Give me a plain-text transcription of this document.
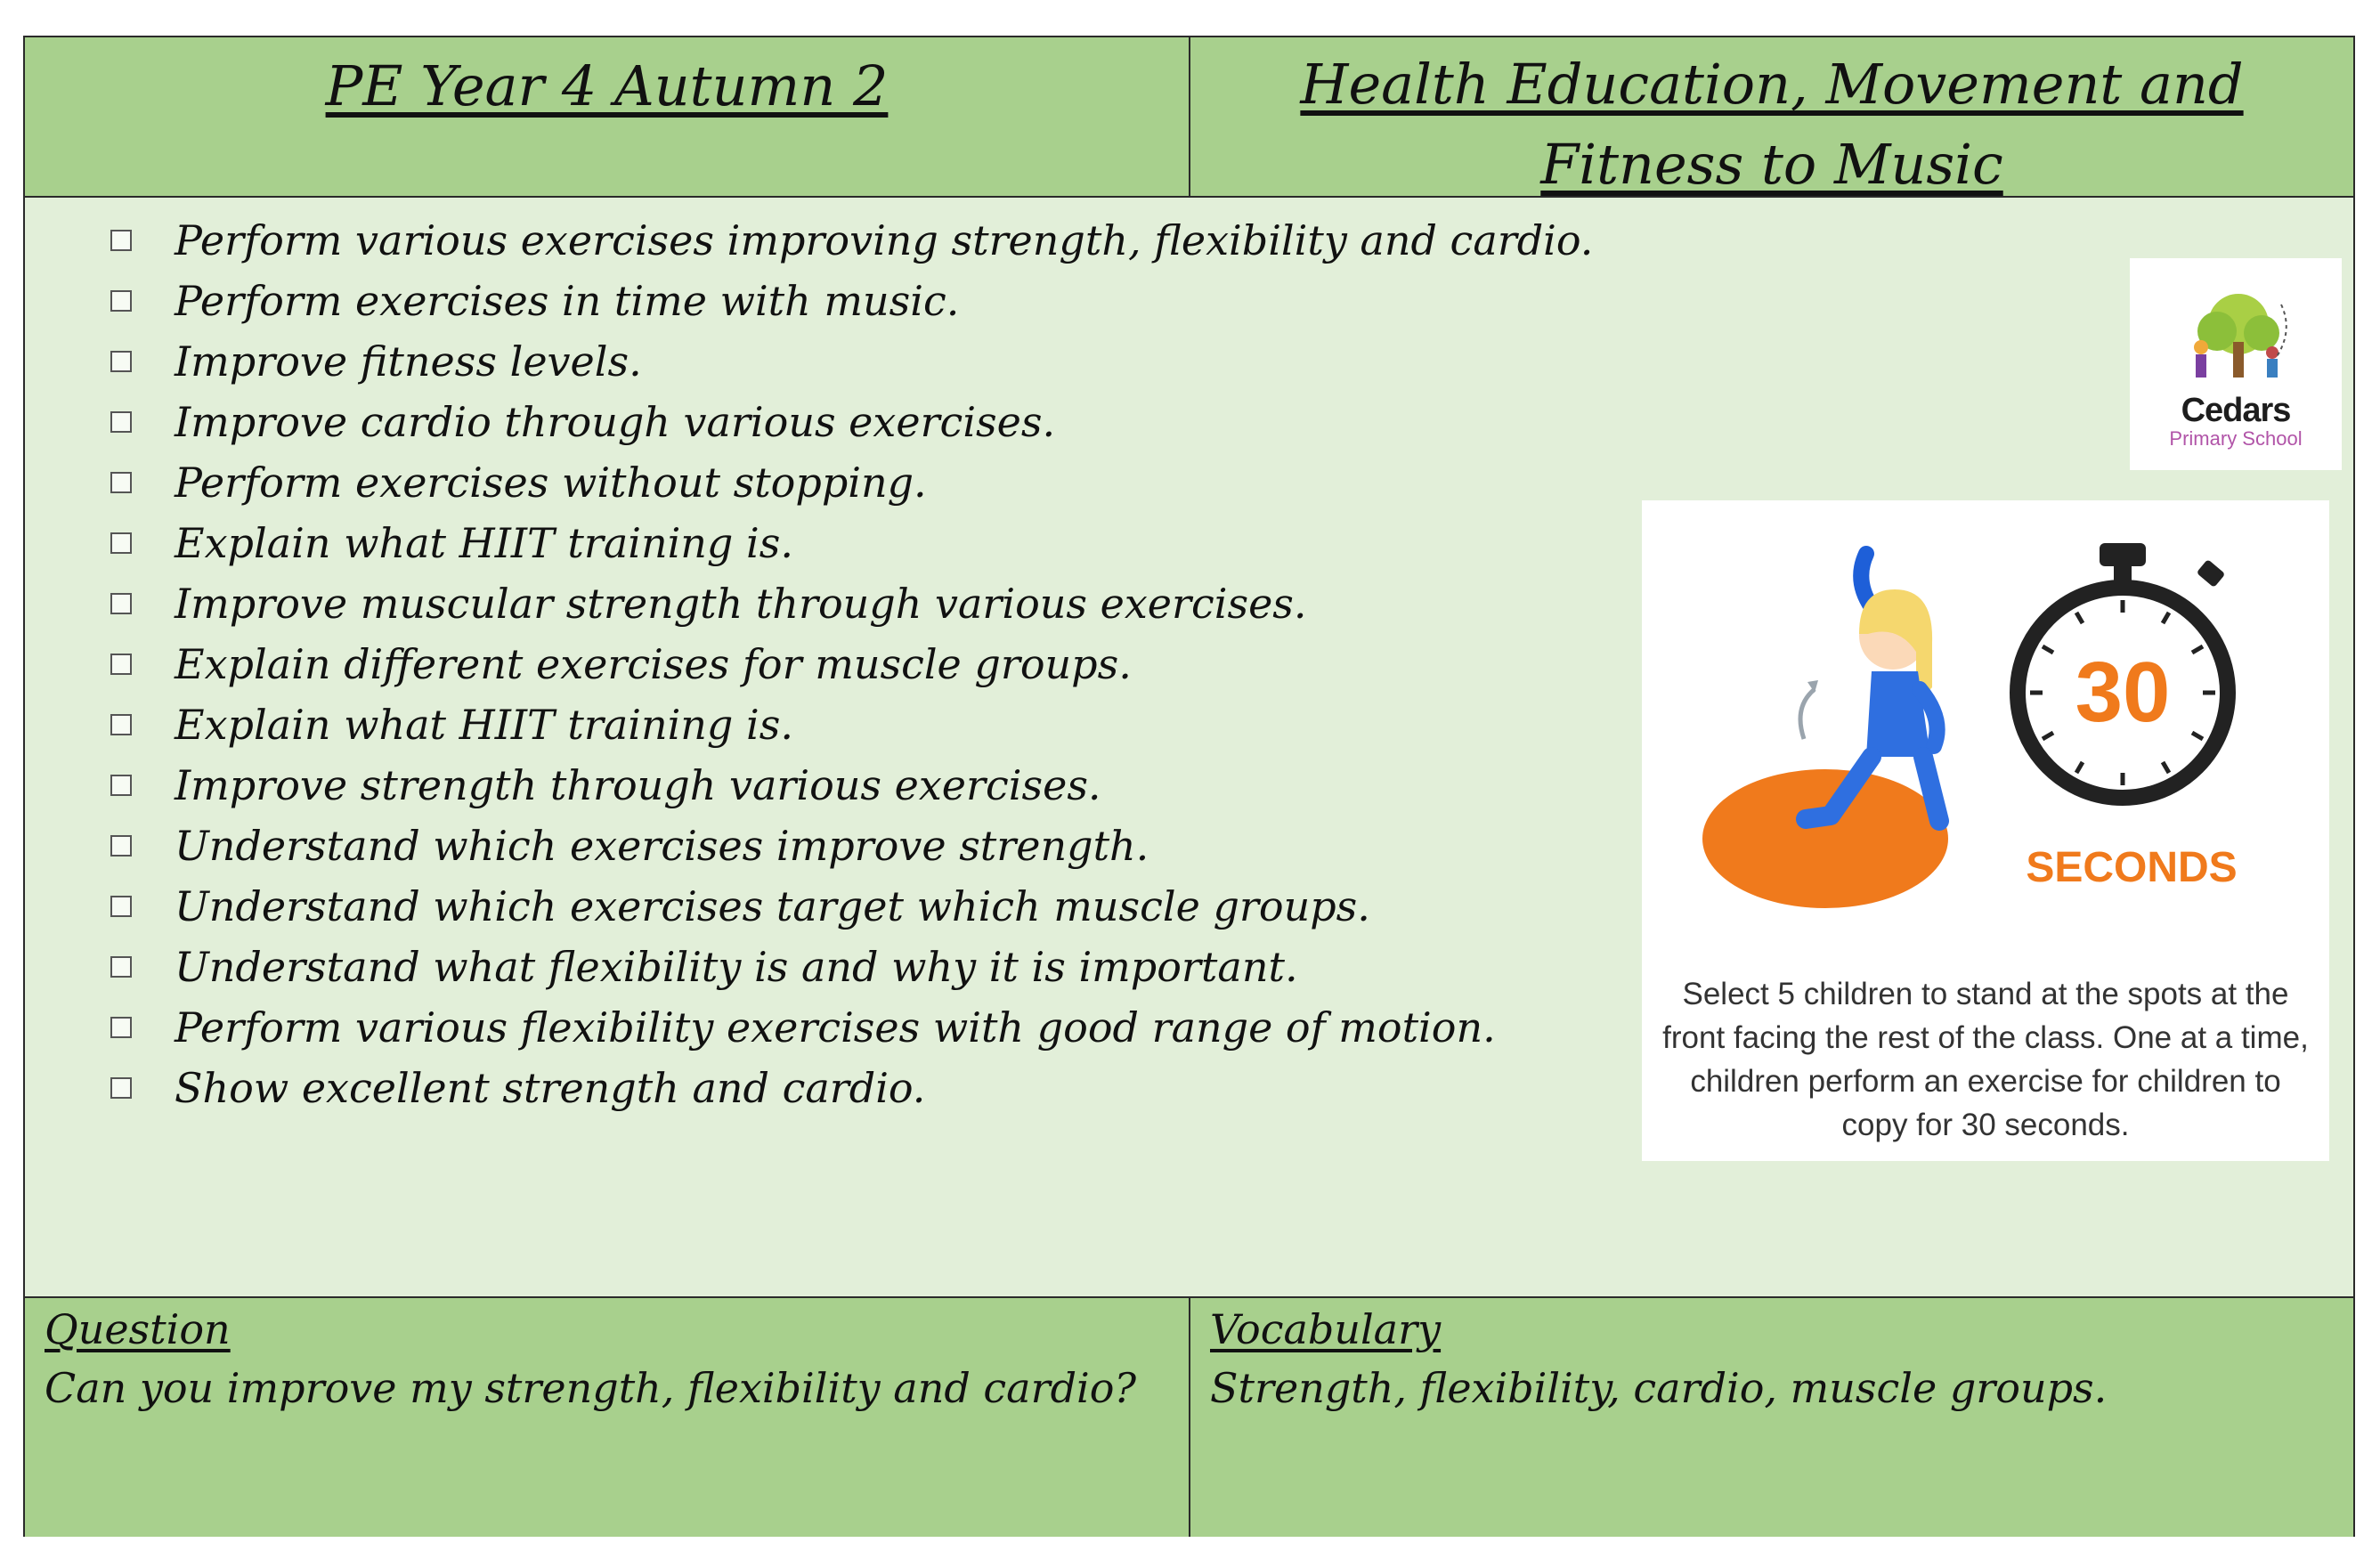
PE Year 4 Autumn 2	Health Education, Movement and Fitness to Music
Perform various exercises improving strength, flexibility and cardio.
Perform exercises in time with music.
Improve fitness levels.
Improve cardio through various exercises.
Perform exercises without stopping.
Explain what HIIT training is.
Improve muscular strength through various exercises.
Explain different exercises for muscle groups.
Explain what HIIT training is.
Improve strength through various exercises.
Understand which exercises improve strength.
Understand which exercises target which muscle groups.
Understand what flexibility is and why it is important.
Perform various flexibility exercises with good range of motion.
Show excellent strength and cardio.
Cedars
Primary School
30
SECONDS
Select 5 children to stand at the spots at the front facing the rest of the class. One at a time, children perform an exercise for children to copy for 30 seconds.
Question
Can you improve my strength, flexibility and cardio?
Vocabulary
Strength, flexibility, cardio, muscle groups.
